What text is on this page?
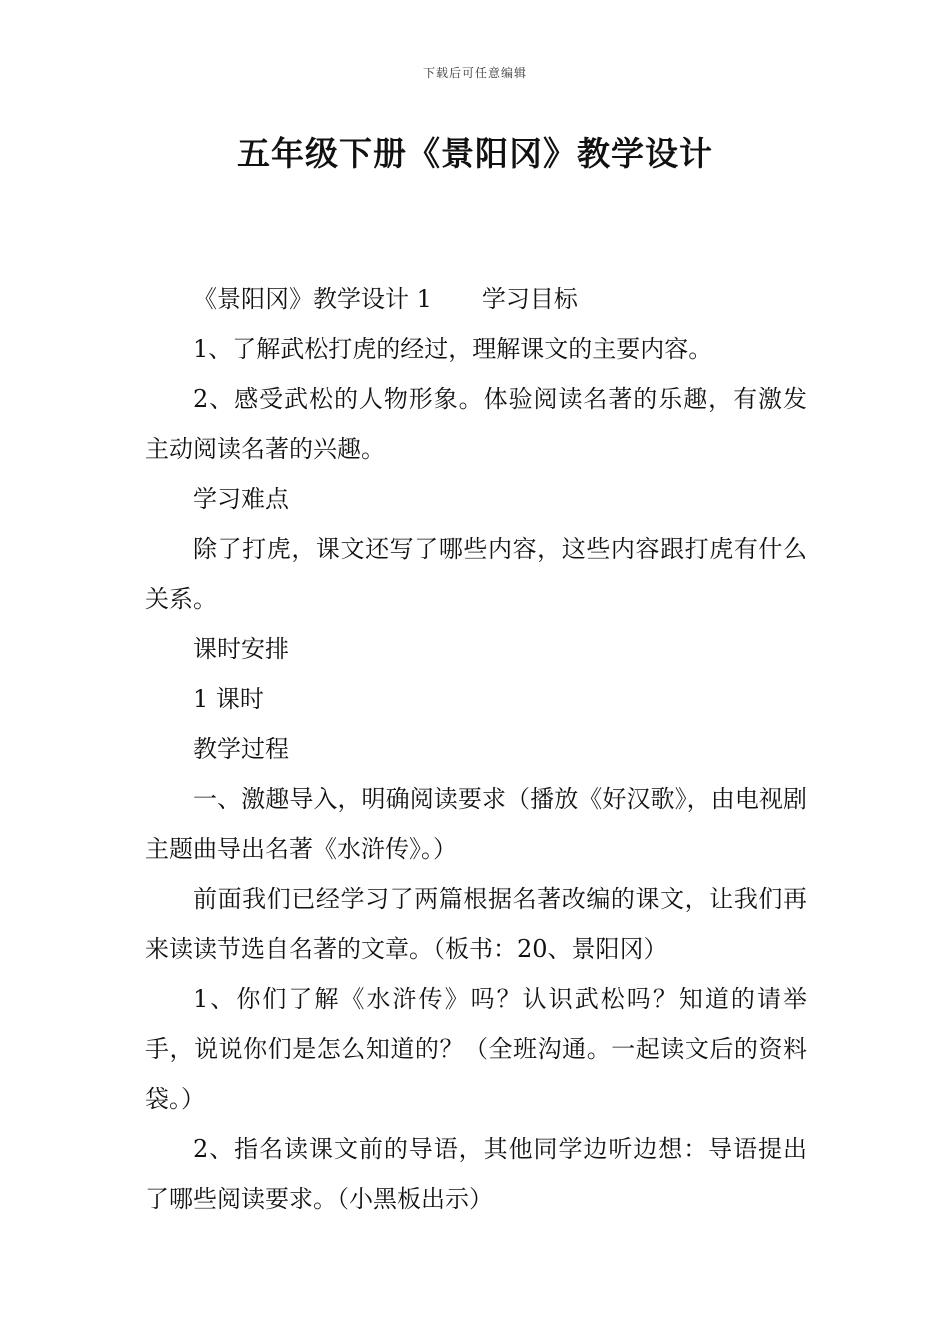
下载后可任意编辑
五年级下册《景阳冈》教学设计

《景阳冈》教学设计 1 学习目标

1、了解武松打虎的经过，理解课文的主要内容。

2、感受武松的人物形象。体验阅读名著的乐趣，有激发主动阅读名著的兴趣。

学习难点

除了打虎，课文还写了哪些内容，这些内容跟打虎有什么关系。

课时安排

1 课时

教学过程

一、激趣导入，明确阅读要求（播放《好汉歌》，由电视剧主题曲导出名著《水浒传》。）

前面我们已经学习了两篇根据名著改编的课文，让我们再来读读节选自名著的文章。（板书：20、景阳冈）

1、你们了解《水浒传》吗？认识武松吗？知道的请举手，说说你们是怎么知道的？（全班沟通。一起读文后的资料袋。）

2、指名读课文前的导语，其他同学边听边想：导语提出了哪些阅读要求。（小黑板出示）
